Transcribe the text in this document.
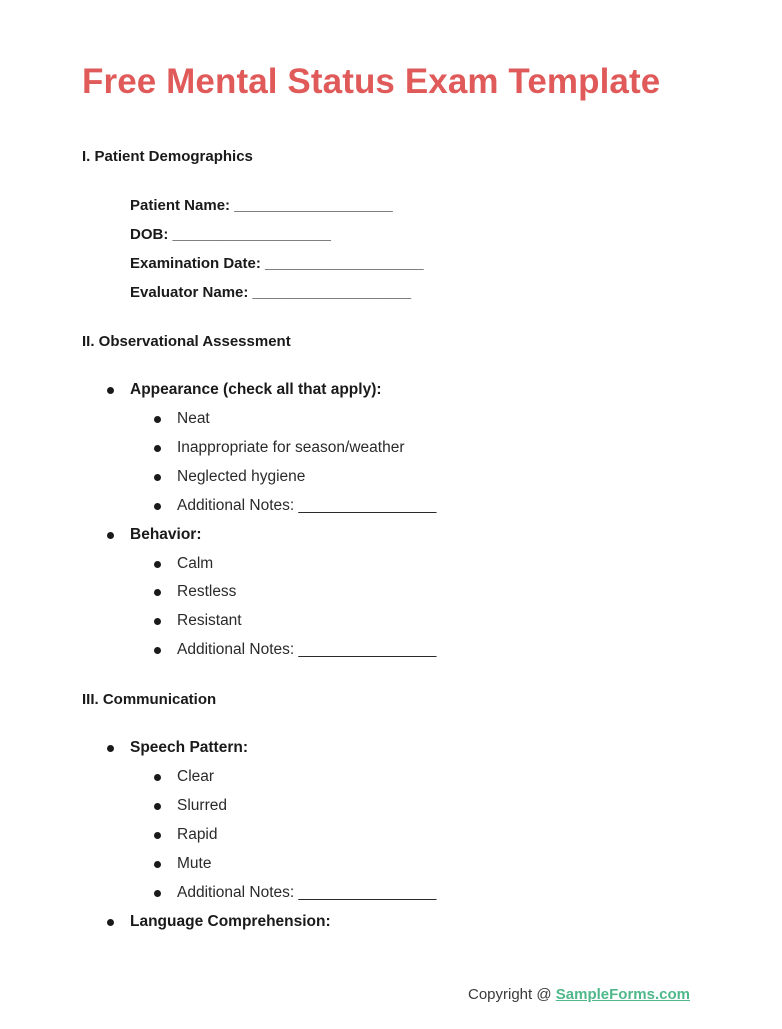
Free Mental Status Exam Template
I. Patient Demographics
Patient Name: ___________________
DOB: ___________________
Examination Date: ___________________
Evaluator Name: ___________________
II. Observational Assessment
Appearance (check all that apply):
Neat
Inappropriate for season/weather
Neglected hygiene
Additional Notes: ________________
Behavior:
Calm
Restless
Resistant
Additional Notes: ________________
III. Communication
Speech Pattern:
Clear
Slurred
Rapid
Mute
Additional Notes: ________________
Language Comprehension:
Copyright @ SampleForms.com
